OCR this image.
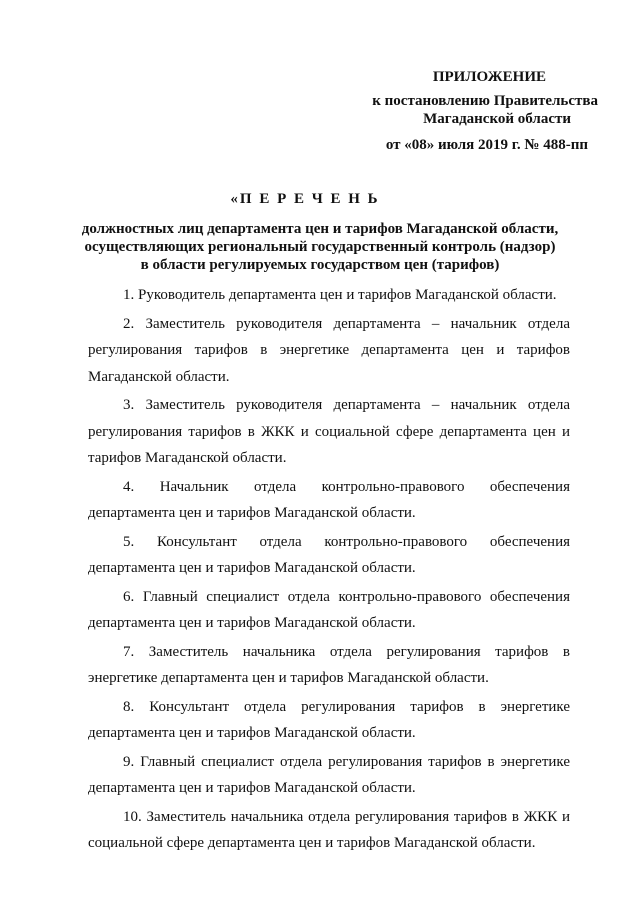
ПРИЛОЖЕНИЕ
к постановлению Правительства
Магаданской области
от «08» июля 2019 г. № 488-пп
«П Е Р Е Ч Е Н Ь
должностных лиц департамента цен и тарифов Магаданской области,
осуществляющих региональный государственный контроль (надзор)
в области регулируемых государством цен (тарифов)

1. Руководитель департамента цен и тарифов Магаданской области.

2. Заместитель руководителя департамента – начальник отдела регулирования тарифов в энергетике департамента цен и тарифов Магаданской области.

3. Заместитель руководителя департамента – начальник отдела регулирования тарифов в ЖКК и социальной сфере департамента цен и тарифов Магаданской области.

4. Начальник отдела контрольно-правового обеспечения департамента цен и тарифов Магаданской области.

5. Консультант отдела контрольно-правового обеспечения департамента цен и тарифов Магаданской области.

6. Главный специалист отдела контрольно-правового обеспечения департамента цен и тарифов Магаданской области.

7. Заместитель начальника отдела регулирования тарифов в энергетике департамента цен и тарифов Магаданской области.

8. Консультант отдела регулирования тарифов в энергетике департамента цен и тарифов Магаданской области.

9. Главный специалист отдела регулирования тарифов в энергетике департамента цен и тарифов Магаданской области.

10. Заместитель начальника отдела регулирования тарифов в ЖКК и социальной сфере департамента цен и тарифов Магаданской области.
